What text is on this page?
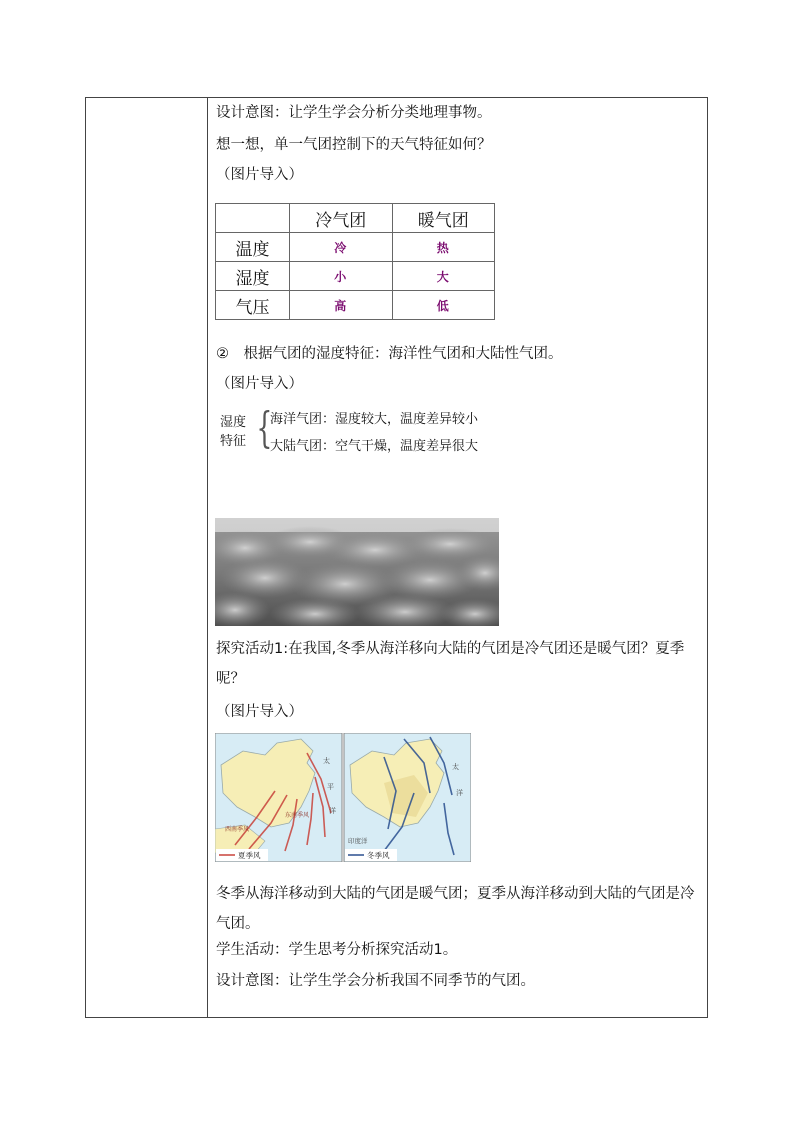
设计意图：让学生学会分析分类地理事物。
想一想，单一气团控制下的天气特征如何？
（图片导入）
	冷气团	暖气团
温度	冷	热
湿度	小	大
气压	高	低
②　根据气团的湿度特征：海洋性气团和大陆性气团。
（图片导入）
湿度
特征 {
海洋气团：湿度较大，温度差异较小
大陆气团：空气干燥，温度差异很大
探究活动1:在我国,冬季从海洋移向大陆的气团是冷气团还是暖气团？夏季呢？
（图片导入）
太
平
洋
西南季风
东南季风
夏季风
太
洋
印度洋
冬季风
冬季从海洋移动到大陆的气团是暖气团；夏季从海洋移动到大陆的气团是冷气团。
学生活动：学生思考分析探究活动1。
设计意图：让学生学会分析我国不同季节的气团。
